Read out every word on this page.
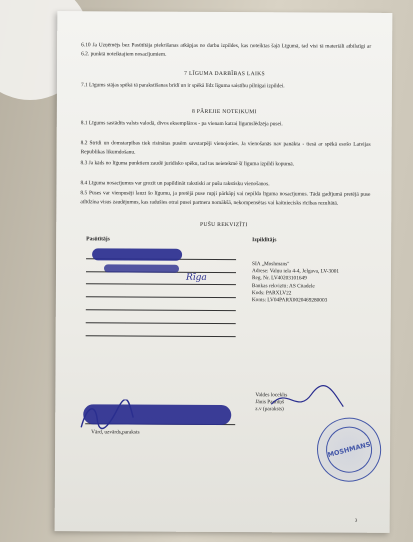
6.10 Ja Uzņēmējs bez Pasūtītāja piekrišanas atkāpjas no darbu izpildes, kas noteiktas šajā Līgumā, tad visi tā materiāli atbilstīgi ar 6.2. punktā noteiktajiem nosacījumiem.
7 LĪGUMA DARBĪBAS LAIKS
7.1 Līgums stājas spēkā tā parakstīšanas brīdī un ir spēkā līdz līguma saistību pilnīgai izpildei.
8 PĀREJIE NOTEIKUMI
8.1 Līgums sastādīts valsts valodā, divos eksemplāros - pa vienam katrai līgumslēdzēja pusei.
8.2 Strīdi un domstarpības tiek risinātas pusēm savstarpēji vienojoties. Ja vienošanās nav panākta - tiesā ar spēkā esošo Latvijas Republikas likumdošanu.
8.3 Ja kāds no līguma punktiem zaudē juridisko spēku, tad tas neietekmē šī līguma izpildi kopumā.
8.4 Līguma nosacījumus var grozīt un papildināt rakstiski ar pušu rakstisku vienošanos.
8.5 Puses var vienpusēji lauzt šo līgumu, ja pretējā puse rupji pārkāpj vai nepilda līguma nosacījumus. Tādā gadījumā pretējā puse atlīdzina visus zaudējumus, kas radušies otrai pusei partnera nomākšā, nekompensētas vai kaitniecisks rīcības rezultātā.
PUŠU REKVIZĪTI
Pasūtītājs	Izpildītājs
Rīga
SIA „Moshmans"
Adrese: Valņu iela 4-4, Jelgava, LV-3001
Reg. Nr. LV40203101649
Bankas rekvizīti: AS Citadele
Kods: PARXLV22
Konts: LV04PARX0020469280003
Vārd, uzvārds,paraksts
Valdes loceklis
Jānis Paunīņš
z.v (paraksts)
MOSHMANS
3
